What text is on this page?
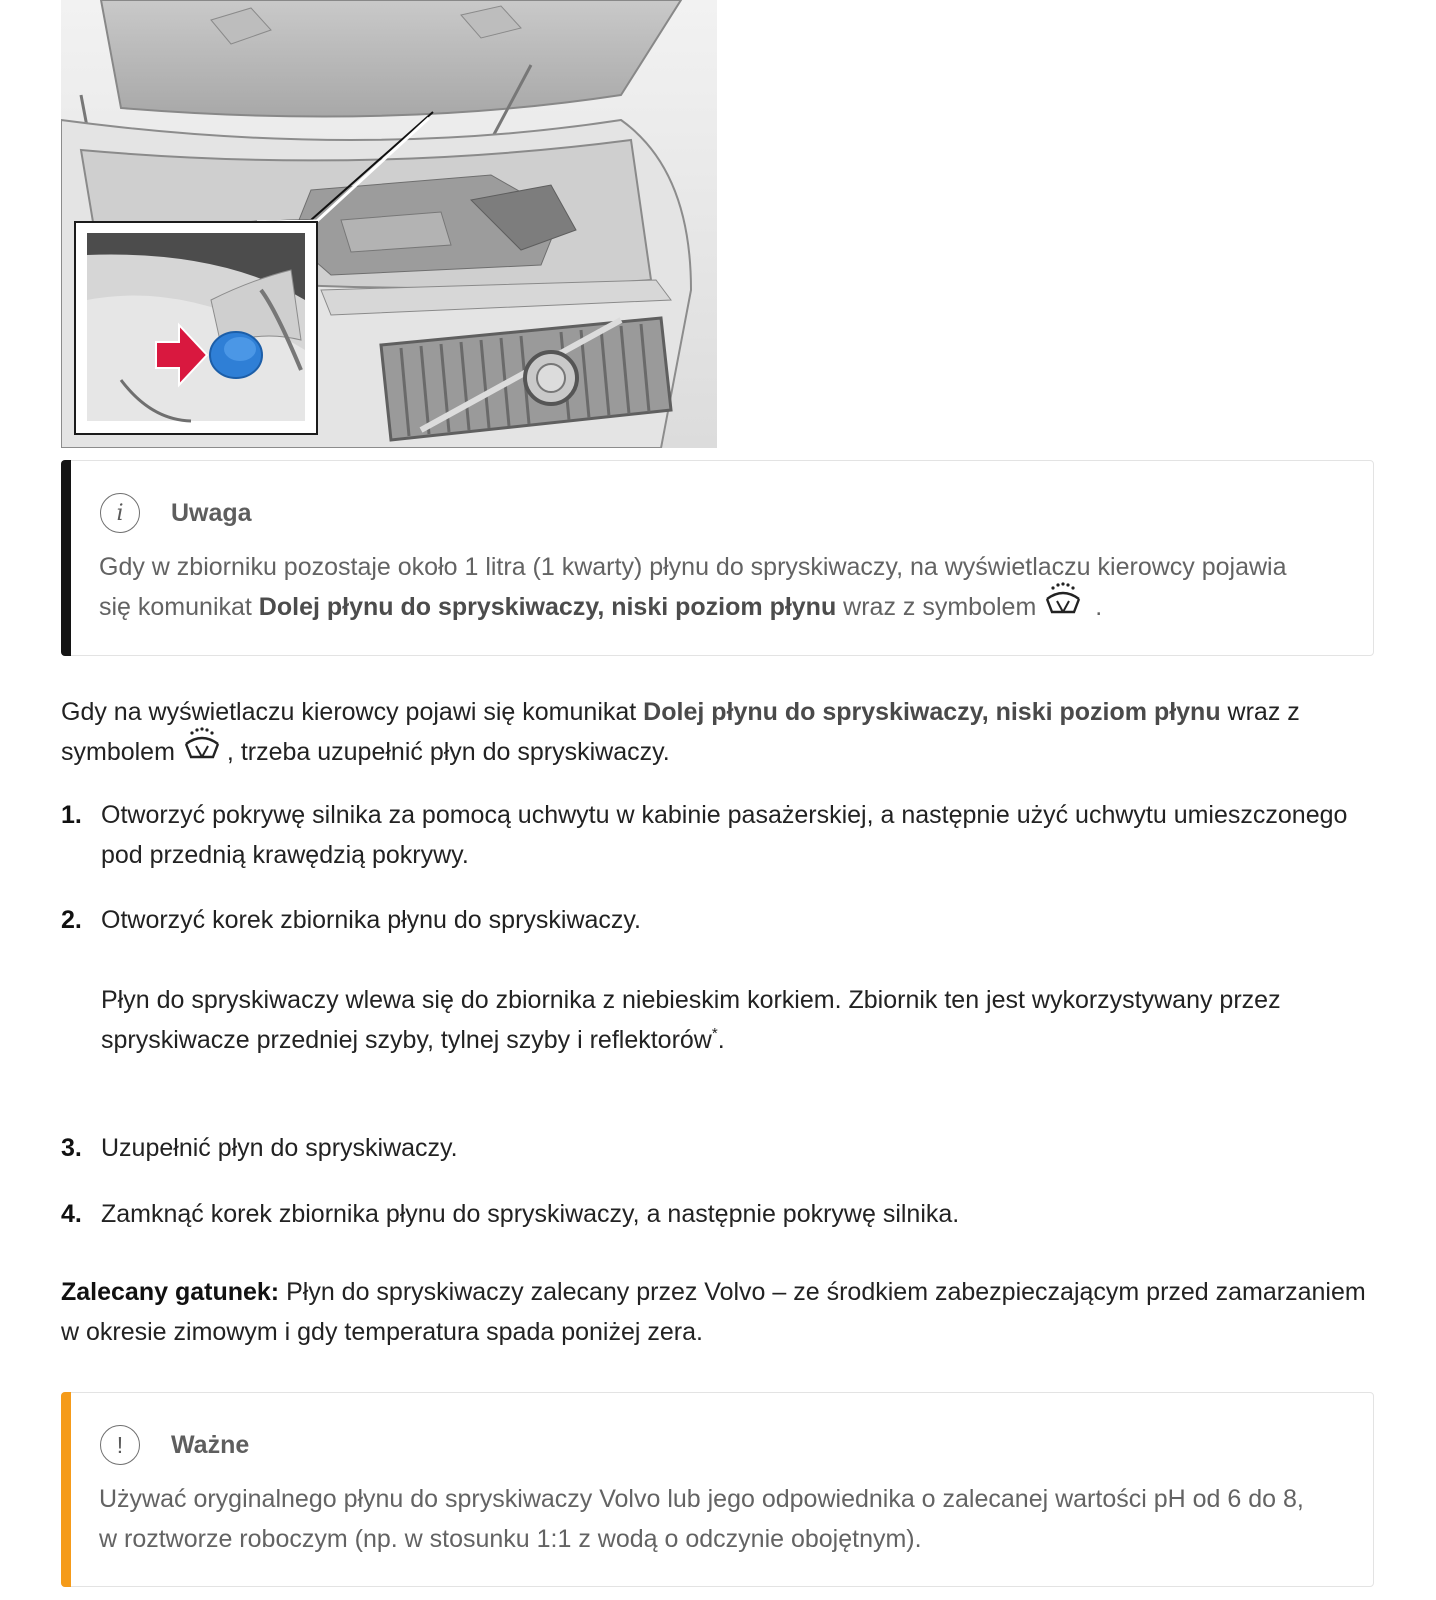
i	Uwaga
Gdy w zbiorniku pozostaje około 1 litra (1 kwarty) płynu do spryskiwaczy, na wyświetlaczu kierowcy pojawia się komunikat Dolej płynu do spryskiwaczy, niski poziom płynu wraz z symbolem .
Gdy na wyświetlaczu kierowcy pojawi się komunikat Dolej płynu do spryskiwaczy, niski poziom płynu wraz z symbolem , trzeba uzupełnić płyn do spryskiwaczy.
1. Otworzyć pokrywę silnika za pomocą uchwytu w kabinie pasażerskiej, a następnie użyć uchwytu umieszczonego pod przednią krawędzią pokrywy.
2. Otworzyć korek zbiornika płynu do spryskiwaczy.
Płyn do spryskiwaczy wlewa się do zbiornika z niebieskim korkiem. Zbiornik ten jest wykorzystywany przez spryskiwacze przedniej szyby, tylnej szyby i reflektorów*.
3. Uzupełnić płyn do spryskiwaczy.
4. Zamknąć korek zbiornika płynu do spryskiwaczy, a następnie pokrywę silnika.
Zalecany gatunek: Płyn do spryskiwaczy zalecany przez Volvo – ze środkiem zabezpieczającym przed zamarzaniem w okresie zimowym i gdy temperatura spada poniżej zera.
!	Ważne
Używać oryginalnego płynu do spryskiwaczy Volvo lub jego odpowiednika o zalecanej wartości pH od 6 do 8, w roztworze roboczym (np. w stosunku 1:1 z wodą o odczynie obojętnym).
